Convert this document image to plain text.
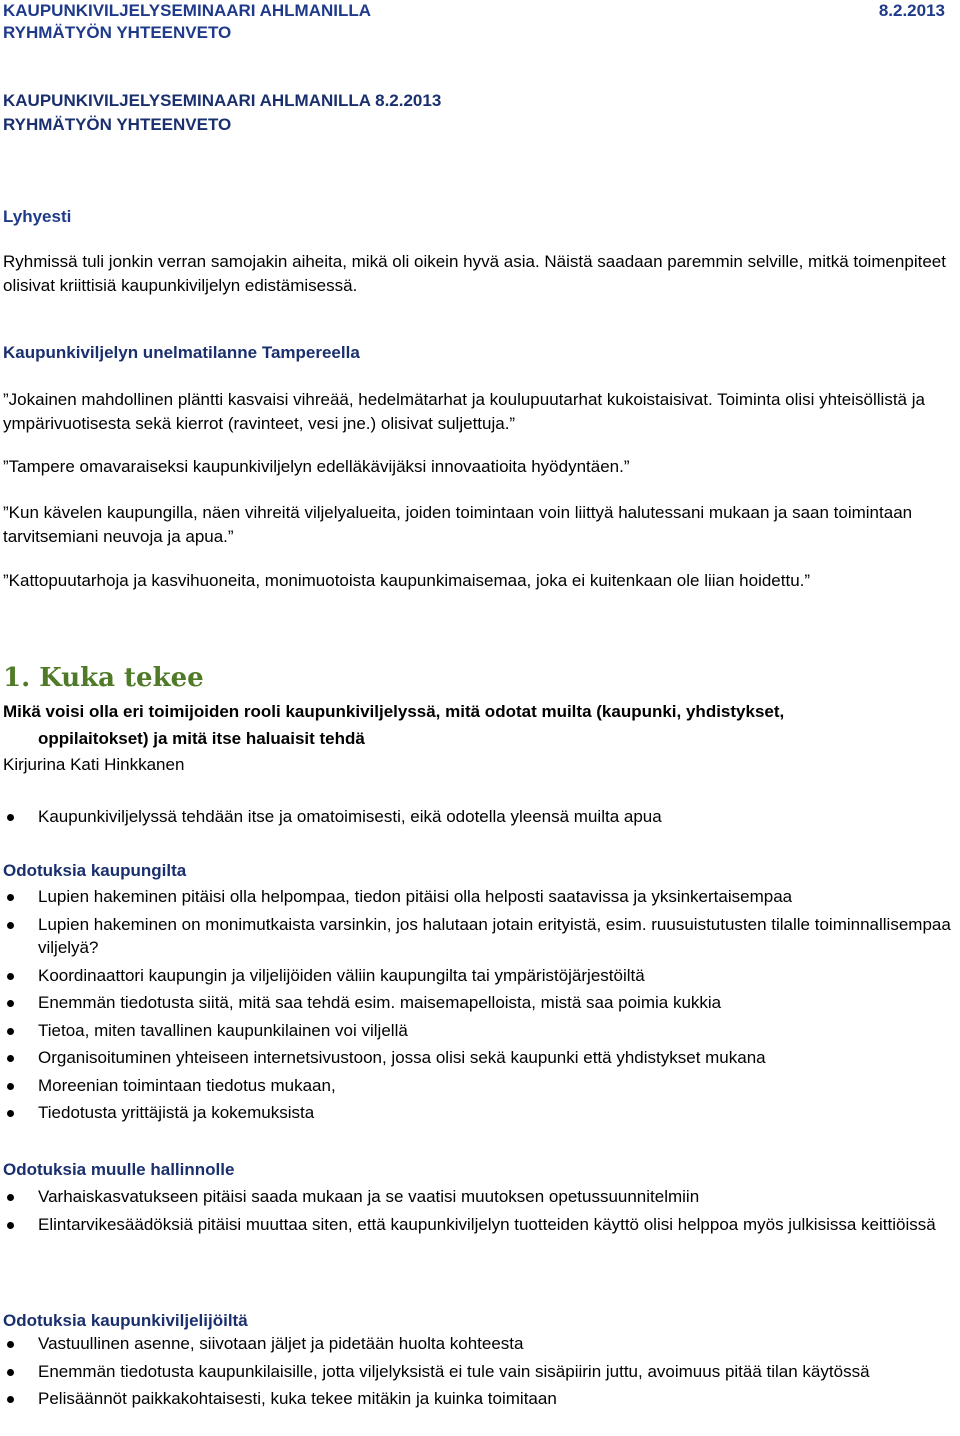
KAUPUNKIVILJELYSEMINAARI AHLMANILLA	8.2.2013
RYHMÄTYÖN YHTEENVETO
KAUPUNKIVILJELYSEMINAARI AHLMANILLA 8.2.2013
RYHMÄTYÖN YHTEENVETO
Lyhyesti

Ryhmissä tuli jonkin verran samojakin aiheita, mikä oli oikein hyvä asia. Näistä saadaan paremmin selville, mitkä toimenpiteet olisivat kriittisiä kaupunkiviljelyn edistämisessä.

Kaupunkiviljelyn unelmatilanne Tampereella

”Jokainen mahdollinen pläntti kasvaisi vihreää, hedelmätarhat ja koulupuutarhat kukoistaisivat. Toiminta olisi yhteisöllistä ja ympärivuotisesta sekä kierrot (ravinteet, vesi jne.) olisivat suljettuja.”

”Tampere omavaraiseksi kaupunkiviljelyn edelläkävijäksi innovaatioita hyödyntäen.”

”Kun kävelen kaupungilla, näen vihreitä viljelyalueita, joiden toimintaan voin liittyä halutessani mukaan ja saan toimintaan tarvitsemiani neuvoja ja apua.”

”Kattopuutarhoja ja kasvihuoneita, monimuotoista kaupunkimaisemaa, joka ei kuitenkaan ole liian hoidettu.”

1. Kuka tekee
Mikä voisi olla eri toimijoiden rooli kaupunkiviljelyssä, mitä odotat muilta (kaupunki, yhdistykset,
oppilaitokset) ja mitä itse haluaisit tehdä
Kirjurina Kati Hinkkanen
Kaupunkiviljelyssä tehdään itse ja omatoimisesti, eikä odotella yleensä muilta apua
Odotuksia kaupungilta
Lupien hakeminen pitäisi olla helpompaa, tiedon pitäisi olla helposti saatavissa ja yksinkertaisempaa
Lupien hakeminen on monimutkaista varsinkin, jos halutaan jotain erityistä, esim. ruusuistutusten tilalle toiminnallisempaa viljelyä?
Koordinaattori kaupungin ja viljelijöiden väliin kaupungilta tai ympäristöjärjestöiltä
Enemmän tiedotusta siitä, mitä saa tehdä esim. maisemapelloista, mistä saa poimia kukkia
Tietoa, miten tavallinen kaupunkilainen voi viljellä
Organisoituminen yhteiseen internetsivustoon, jossa olisi sekä kaupunki että yhdistykset mukana
Moreenian toimintaan tiedotus mukaan,
Tiedotusta yrittäjistä ja kokemuksista
Odotuksia muulle hallinnolle
Varhaiskasvatukseen pitäisi saada mukaan ja se vaatisi muutoksen opetussuunnitelmiin
Elintarvikesäädöksiä pitäisi muuttaa siten, että kaupunkiviljelyn tuotteiden käyttö olisi helppoa myös julkisissa keittiöissä
Odotuksia kaupunkiviljelijöiltä
Vastuullinen asenne, siivotaan jäljet ja pidetään huolta kohteesta
Enemmän tiedotusta kaupunkilaisille, jotta viljelyksistä ei tule vain sisäpiirin juttu, avoimuus pitää tilan käytössä
Pelisäännöt paikkakohtaisesti, kuka tekee mitäkin ja kuinka toimitaan
